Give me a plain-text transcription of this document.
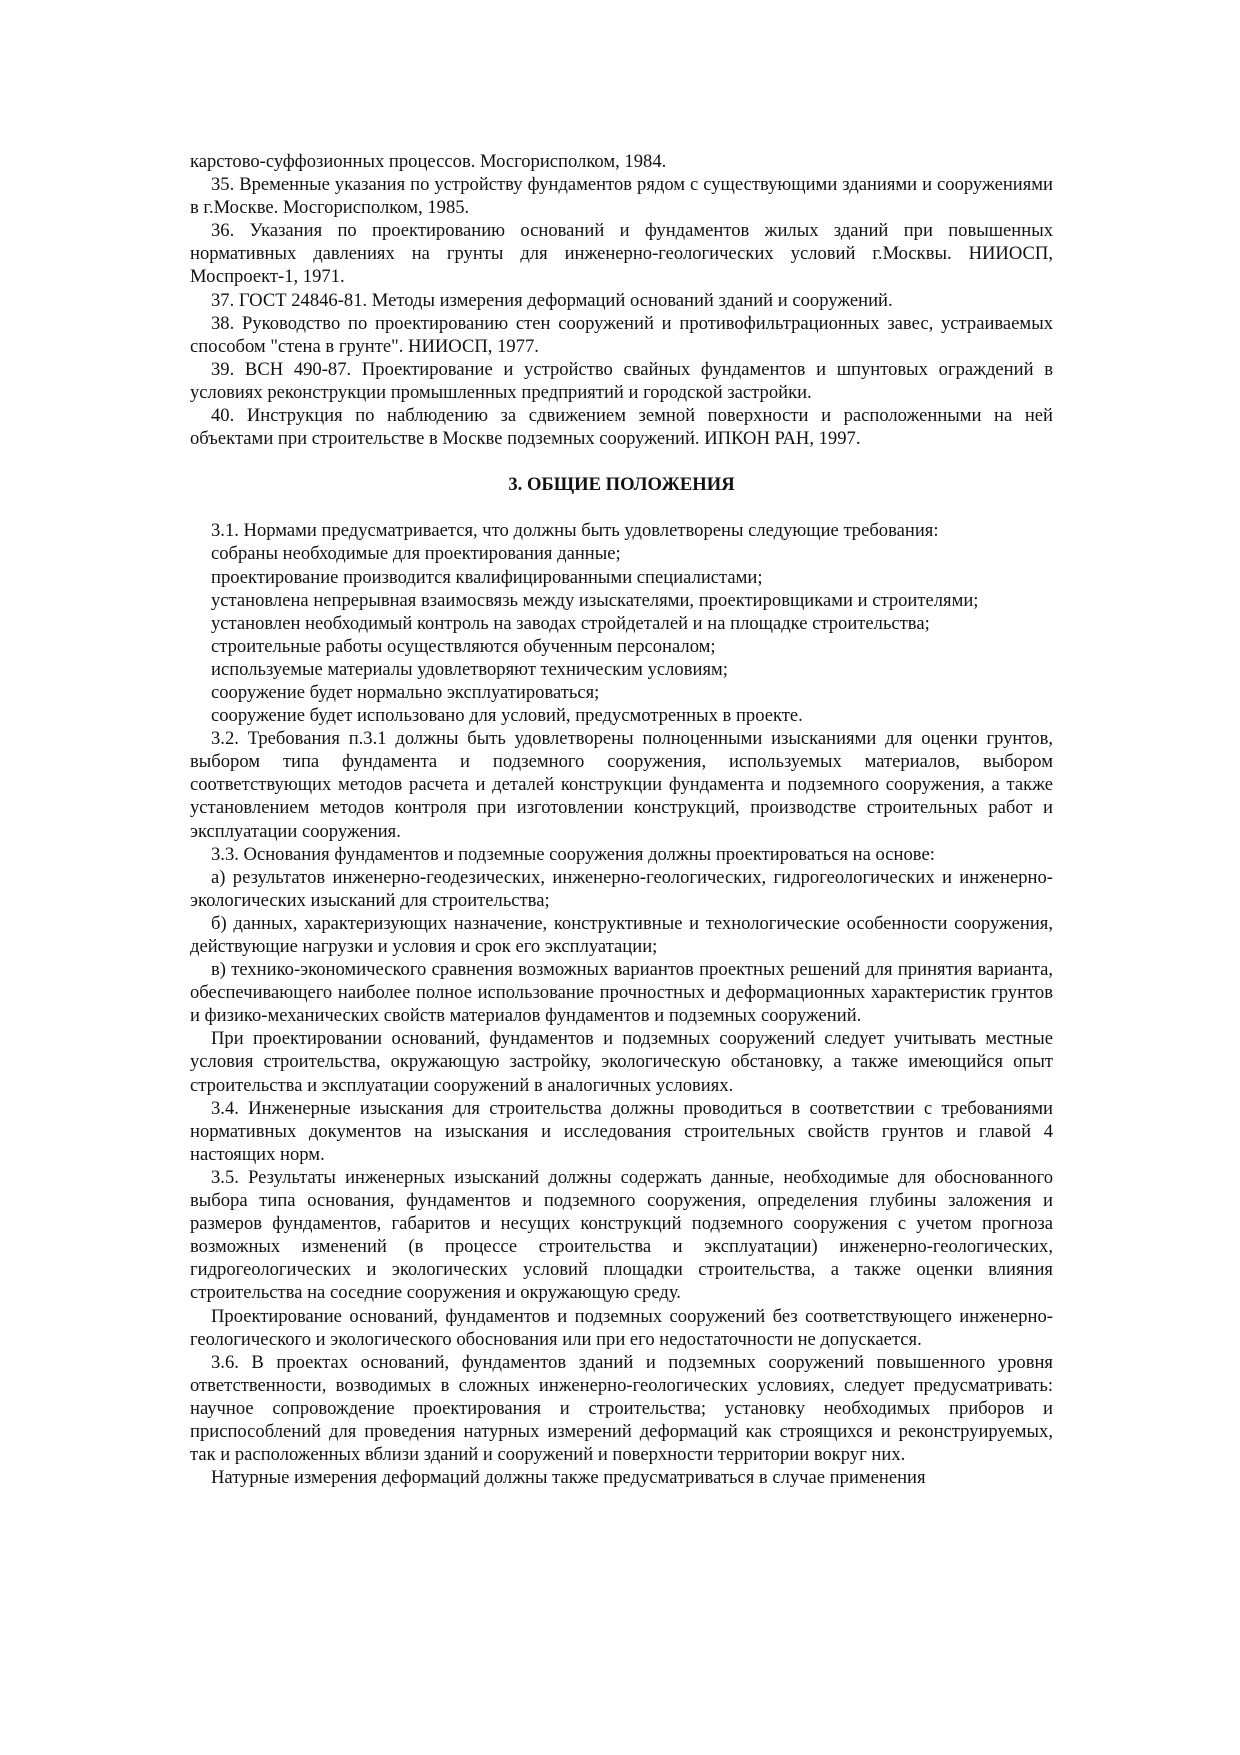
карстово-суффозионных процессов. Мосгорисполком, 1984.

35. Временные указания по устройству фундаментов рядом с существующими зданиями и сооружениями в г.Москве. Мосгорисполком, 1985.

36. Указания по проектированию оснований и фундаментов жилых зданий при повышенных нормативных давлениях на грунты для инженерно-геологических условий г.Москвы. НИИОСП, Моспроект-1, 1971.

37. ГОСТ 24846-81. Методы измерения деформаций оснований зданий и сооружений.

38. Руководство по проектированию стен сооружений и противофильтрационных завес, устраиваемых способом "стена в грунте". НИИОСП, 1977.

39. ВСН 490-87. Проектирование и устройство свайных фундаментов и шпунтовых ограждений в условиях реконструкции промышленных предприятий и городской застройки.

40. Инструкция по наблюдению за сдвижением земной поверхности и расположенными на ней объектами при строительстве в Москве подземных сооружений. ИПКОН РАН, 1997.

3. ОБЩИЕ ПОЛОЖЕНИЯ

3.1. Нормами предусматривается, что должны быть удовлетворены следующие требования:

собраны необходимые для проектирования данные;

проектирование производится квалифицированными специалистами;

установлена непрерывная взаимосвязь между изыскателями, проектировщиками и строителями;

установлен необходимый контроль на заводах стройдеталей и на площадке строительства;

строительные работы осуществляются обученным персоналом;

используемые материалы удовлетворяют техническим условиям;

сооружение будет нормально эксплуатироваться;

сооружение будет использовано для условий, предусмотренных в проекте.

3.2. Требования п.3.1 должны быть удовлетворены полноценными изысканиями для оценки грунтов, выбором типа фундамента и подземного сооружения, используемых материалов, выбором соответствующих методов расчета и деталей конструкции фундамента и подземного сооружения, а также установлением методов контроля при изготовлении конструкций, производстве строительных работ и эксплуатации сооружения.

3.3. Основания фундаментов и подземные сооружения должны проектироваться на основе:

а) результатов инженерно-геодезических, инженерно-геологических, гидрогеологических и инженерно-экологических изысканий для строительства;

б) данных, характеризующих назначение, конструктивные и технологические особенности сооружения, действующие нагрузки и условия и срок его эксплуатации;

в) технико-экономического сравнения возможных вариантов проектных решений для принятия варианта, обеспечивающего наиболее полное использование прочностных и деформационных характеристик грунтов и физико-механических свойств материалов фундаментов и подземных сооружений.

При проектировании оснований, фундаментов и подземных сооружений следует учитывать местные условия строительства, окружающую застройку, экологическую обстановку, а также имеющийся опыт строительства и эксплуатации сооружений в аналогичных условиях.

3.4. Инженерные изыскания для строительства должны проводиться в соответствии с требованиями нормативных документов на изыскания и исследования строительных свойств грунтов и главой 4 настоящих норм.

3.5. Результаты инженерных изысканий должны содержать данные, необходимые для обоснованного выбора типа основания, фундаментов и подземного сооружения, определения глубины заложения и размеров фундаментов, габаритов и несущих конструкций подземного сооружения с учетом прогноза возможных изменений (в процессе строительства и эксплуатации) инженерно-геологических, гидрогеологических и экологических условий площадки строительства, а также оценки влияния строительства на соседние сооружения и окружающую среду.

Проектирование оснований, фундаментов и подземных сооружений без соответствующего инженерно-геологического и экологического обоснования или при его недостаточности не допускается.

3.6. В проектах оснований, фундаментов зданий и подземных сооружений повышенного уровня ответственности, возводимых в сложных инженерно-геологических условиях, следует предусматривать: научное сопровождение проектирования и строительства; установку необходимых приборов и приспособлений для проведения натурных измерений деформаций как строящихся и реконструируемых, так и расположенных вблизи зданий и сооружений и поверхности территории вокруг них.

Натурные измерения деформаций должны также предусматриваться в случае применения
